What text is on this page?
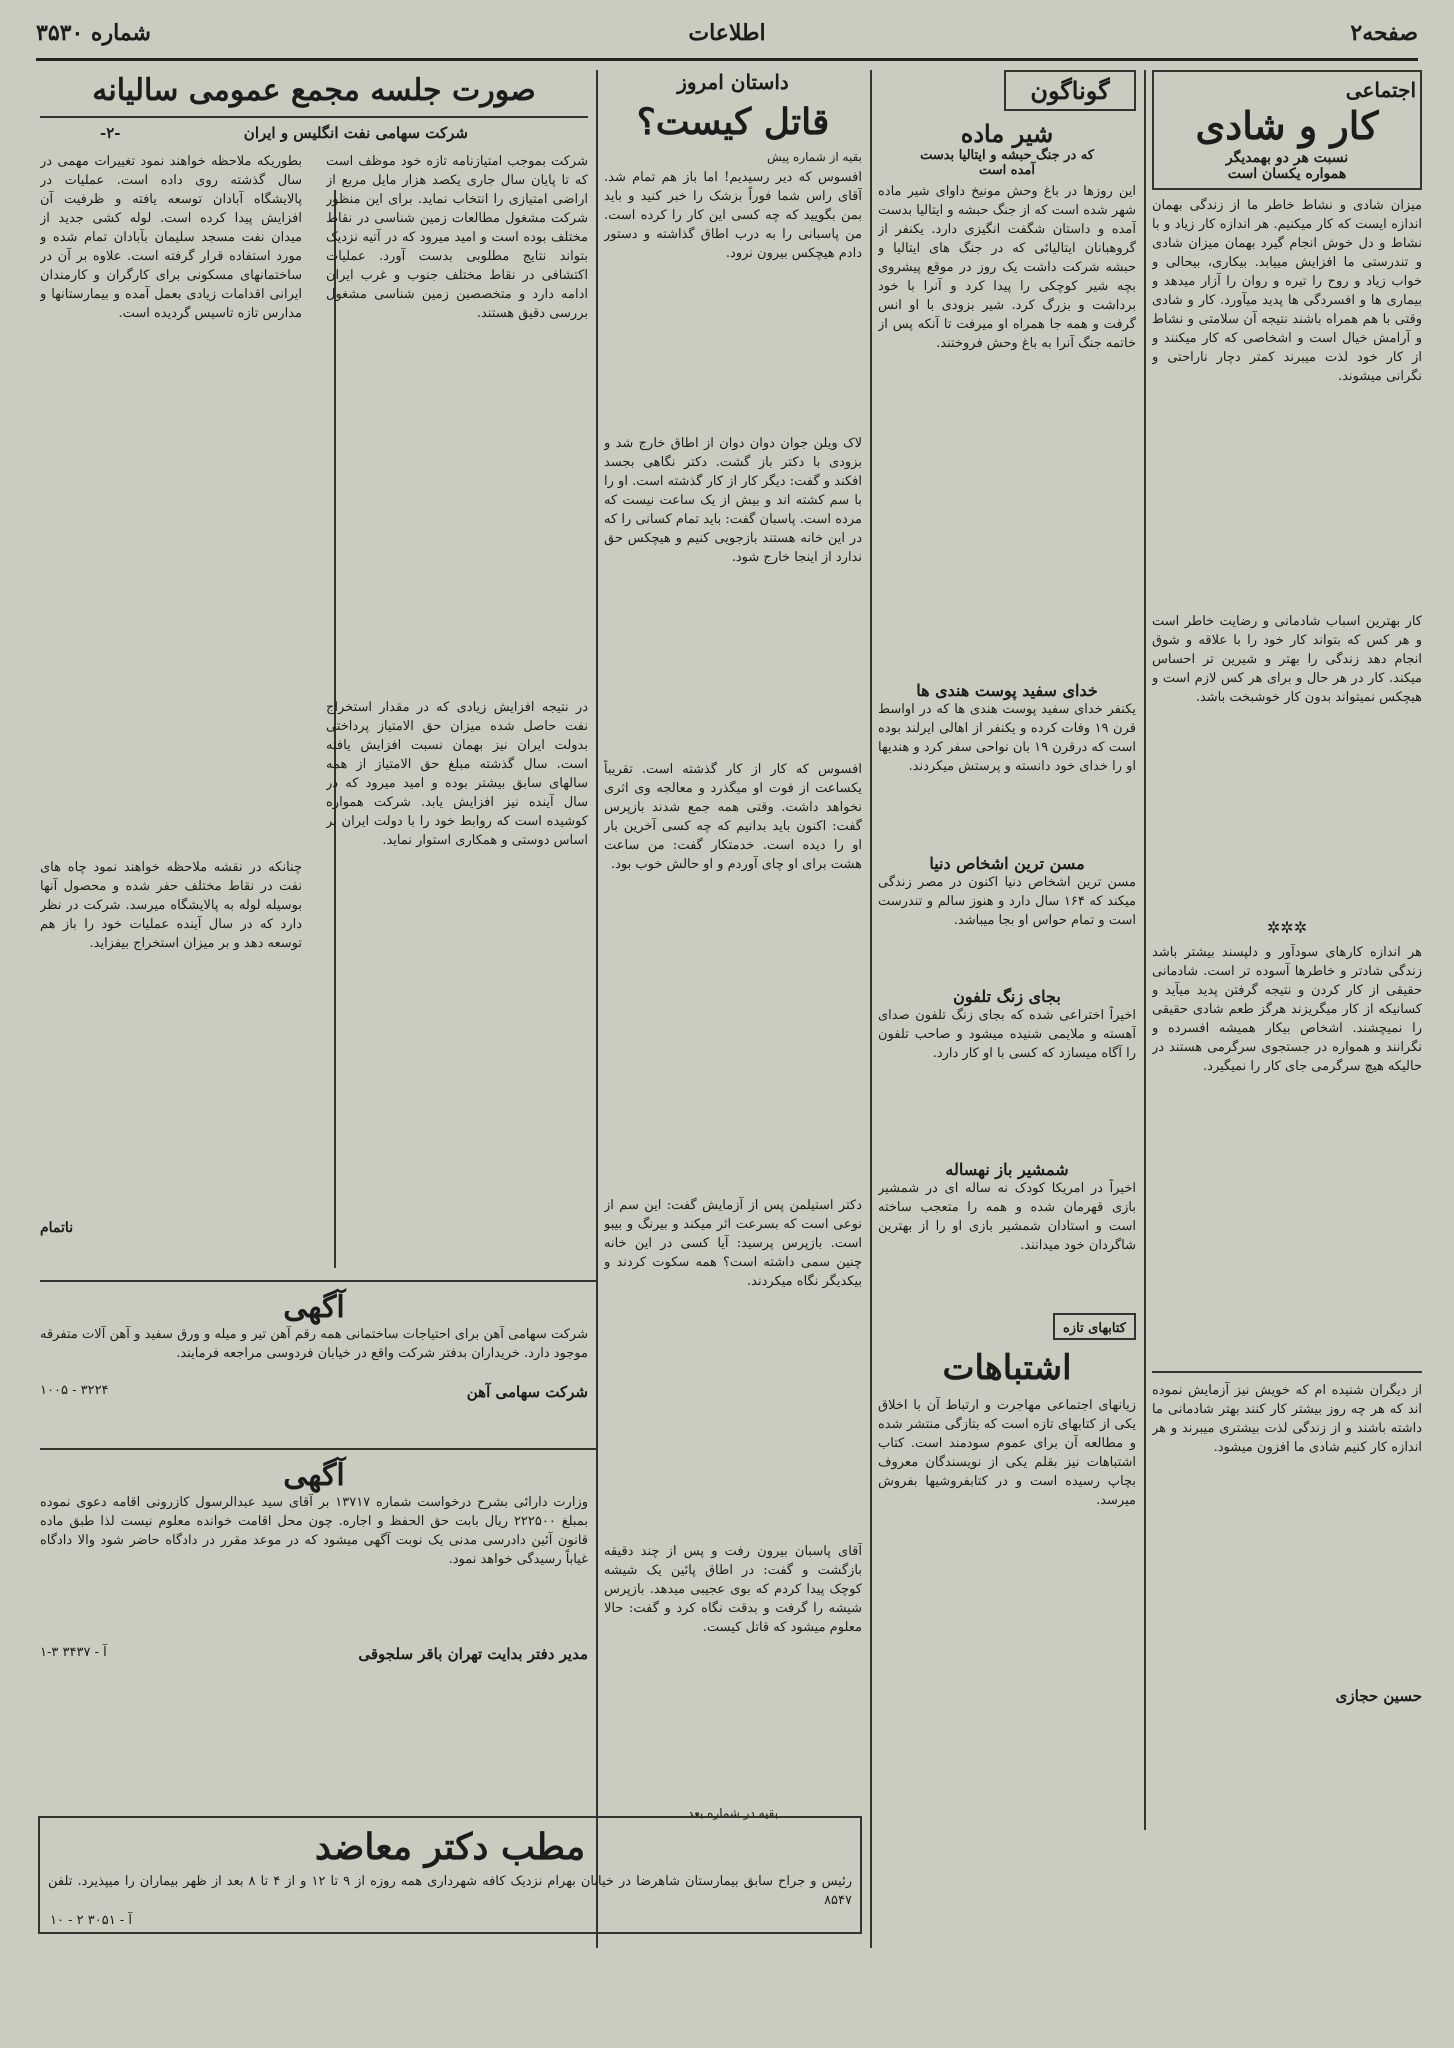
صفحه۲
اطلاعات
شماره ۳۵۳۰

اجتماعی

کار و شادی

نسبت هر دو بهمدیگر

همواره یکسان است

میزان شادی و نشاط خاطر ما از زندگی بهمان اندازه ایست که کار میکنیم. هر اندازه کار زیاد و با نشاط و دل خوش انجام گیرد بهمان میزان شادی و تندرستی ما افزایش مییابد. بیکاری، بیحالی و خواب زیاد و روح را تیره و روان را آزار میدهد و بیماری ها و افسردگی ها پدید میآورد. کار و شادی وقتی با هم همراه باشند نتیجه آن سلامتی و نشاط و آرامش خیال است و اشخاصی که کار میکنند و از کار خود لذت میبرند کمتر دچار ناراحتی و نگرانی میشوند.

کار بهترین اسباب شادمانی و رضایت خاطر است و هر کس که بتواند کار خود را با علاقه و شوق انجام دهد زندگی را بهتر و شیرین تر احساس میکند. کار در هر حال و برای هر کس لازم است و هیچکس نمیتواند بدون کار خوشبخت باشد.

✲✲✲

هر اندازه کارهای سودآور و دلپسند بیشتر باشد زندگی شادتر و خاطرها آسوده تر است. شادمانی حقیقی از کار کردن و نتیجه گرفتن پدید میآید و کسانیکه از کار میگریزند هرگز طعم شادی حقیقی را نمیچشند. اشخاص بیکار همیشه افسرده و نگرانند و همواره در جستجوی سرگرمی هستند در حالیکه هیچ سرگرمی جای کار را نمیگیرد.

از دیگران شنیده ام که خویش نیز آزمایش نموده اند که هر چه روز بیشتر کار کنند بهتر شادمانی ما داشته باشند و از زندگی لذت بیشتری میبرند و هر اندازه کار کنیم شادی ما افزون میشود.

حسین حجازی

گوناگون

شیر ماده

که در جنگ حبشه و ایتالیا بدست

آمده است

این روزها در باغ وحش مونیخ داوای شیر ماده شهر شده است که از جنگ حبشه و ایتالیا بدست آمده و داستان شگفت انگیزی دارد. یکنفر از گروهبانان ایتالیائی که در جنگ های ایتالیا و حبشه شرکت داشت یک روز در موقع پیشروی بچه شیر کوچکی را پیدا کرد و آنرا با خود برداشت و بزرگ کرد. شیر بزودی با او انس گرفت و همه جا همراه او میرفت تا آنکه پس از خاتمه جنگ آنرا به باغ وحش فروختند.

خدای سفید پوست هندی ها

یکنفر خدای سفید پوست هندی ها که در اواسط قرن ۱۹ وفات کرده و یکنفر از اهالی ایرلند بوده است که درقرن ۱۹ بان نواحی سفر کرد و هندیها او را خدای خود دانسته و پرستش میکردند.

مسن ترین اشخاص دنیا

مسن ترین اشخاص دنیا اکنون در مصر زندگی میکند که ۱۶۴ سال دارد و هنوز سالم و تندرست است و تمام حواس او بجا میباشد.

بجای زنگ تلفون

اخیراً اختراعی شده که بجای زنگ تلفون صدای آهسته و ملایمی شنیده میشود و صاحب تلفون را آگاه میسازد که کسی با او کار دارد.

شمشیر باز نهساله

اخیراً در امریکا کودک نه ساله ای در شمشیر بازی قهرمان شده و همه را متعجب ساخته است و استادان شمشیر بازی او را از بهترین شاگردان خود میدانند.

کتابهای تازه

اشتباهات

زیانهای اجتماعی مهاجرت و ارتباط آن با اخلاق یکی از کتابهای تازه است که بتازگی منتشر شده و مطالعه آن برای عموم سودمند است. کتاب اشتباهات نیز بقلم یکی از نویسندگان معروف بچاپ رسیده است و در کتابفروشیها بفروش میرسد.

داستان امروز

قاتل کیست؟

بقیه از شماره پیش

افسوس که دیر رسیدیم! اما باز هم تمام شد. آقای راس شما فوراً بزشک را خبر کنید و باید بمن بگویید که چه کسی این کار را کرده است. من پاسبانی را به درب اطاق گذاشته و دستور دادم هیچکس بیرون نرود.

لاک ویلن جوان دوان دوان از اطاق خارج شد و بزودی با دکتر باز گشت. دکتر نگاهی بجسد افکند و گفت: دیگر کار از کار گذشته است. او را با سم کشته اند و بیش از یک ساعت نیست که مرده است. پاسبان گفت: باید تمام کسانی را که در این خانه هستند بازجویی کنیم و هیچکس حق ندارد از اینجا خارج شود.

افسوس که کار از کار گذشته است. تقریباً یکساعت از فوت او میگذرد و معالجه وی اثری نخواهد داشت. وقتی همه جمع شدند بازپرس گفت: اکنون باید بدانیم که چه کسی آخرین بار او را دیده است. خدمتکار گفت: من ساعت هشت برای او چای آوردم و او حالش خوب بود.

دکتر استیلمن پس از آزمایش گفت: این سم از نوعی است که بسرعت اثر میکند و بیرنگ و بیبو است. بازپرس پرسید: آیا کسی در این خانه چنین سمی داشته است؟ همه سکوت کردند و بیکدیگر نگاه میکردند.

آقای پاسبان بیرون رفت و پس از چند دقیقه بازگشت و گفت: در اطاق پائین یک شیشه کوچک پیدا کردم که بوی عجیبی میدهد. بازپرس شیشه را گرفت و بدقت نگاه کرد و گفت: حالا معلوم میشود که قاتل کیست.

بقیه در شماره بعد

صورت جلسه مجمع عمومی سالیانه

شرکت سهامی نفت انگلیس و ایران
-۲-

شرکت بموجب امتیازنامه تازه خود موظف است که تا پایان سال جاری یکصد هزار مایل مربع از اراضی امتیازی را انتخاب نماید. برای این منظور شرکت مشغول مطالعات زمین شناسی در نقاط مختلف بوده است و امید میرود که در آتیه نزدیک بتواند نتایج مطلوبی بدست آورد. عملیات اکتشافی در نقاط مختلف جنوب و غرب ایران ادامه دارد و متخصصین زمین شناسی مشغول بررسی دقیق هستند.

در نتیجه افزایش زیادی که در مقدار استخراج نفت حاصل شده میزان حق الامتیاز پرداختی بدولت ایران نیز بهمان نسبت افزایش یافته است. سال گذشته مبلغ حق الامتیاز از همه سالهای سابق بیشتر بوده و امید میرود که در سال آینده نیز افزایش یابد. شرکت همواره کوشیده است که روابط خود را با دولت ایران بر اساس دوستی و همکاری استوار نماید.

بطوریکه ملاحظه خواهند نمود تغییرات مهمی در سال گذشته روی داده است. عملیات در پالایشگاه آبادان توسعه یافته و ظرفیت آن افزایش پیدا کرده است. لوله کشی جدید از میدان نفت مسجد سلیمان بآبادان تمام شده و مورد استفاده قرار گرفته است. علاوه بر آن در ساختمانهای مسکونی برای کارگران و کارمندان ایرانی اقدامات زیادی بعمل آمده و بیمارستانها و مدارس تازه تاسیس گردیده است.

چنانکه در نقشه ملاحظه خواهند نمود چاه های نفت در نقاط مختلف حفر شده و محصول آنها بوسیله لوله به پالایشگاه میرسد. شرکت در نظر دارد که در سال آینده عملیات خود را باز هم توسعه دهد و بر میزان استخراج بیفزاید.

ناتمام

آگهی

شرکت سهامی آهن برای احتیاجات ساختمانی همه رقم آهن تیر و میله و ورق سفید و آهن آلات متفرقه موجود دارد. خریداران بدفتر شرکت واقع در خیابان فردوسی مراجعه فرمایند.

شرکت سهامی آهن
۳۲۲۴ - ۱۰۰۵

آگهی

وزارت دارائی بشرح درخواست شماره ۱۳۷۱۷ بر آقای سید عبدالرسول کازرونی اقامه دعوی نموده بمبلغ ۲۲۲۵۰۰ ریال بابت حق الحفظ و اجاره. چون محل اقامت خوانده معلوم نیست لذا طبق ماده قانون آئین دادرسی مدنی یک نوبت آگهی میشود که در موعد مقرر در دادگاه حاضر شود والا دادگاه غیاباً رسیدگی خواهد نمود.

مدیر دفتر بدایت تهران باقر سلجوقی
آ - ۳۴۳۷ ۳-۱

مطب دکتر معاضد

رئیس و جراح سابق بیمارستان شاهرضا در خیابان بهرام نزدیک کافه شهرداری همه روزه از ۹ تا ۱۲ و از ۴ تا ۸ بعد از ظهر بیماران را میپذیرد. تلفن ۸۵۴۷

آ - ۳۰۵۱ ۲ - ۱۰
